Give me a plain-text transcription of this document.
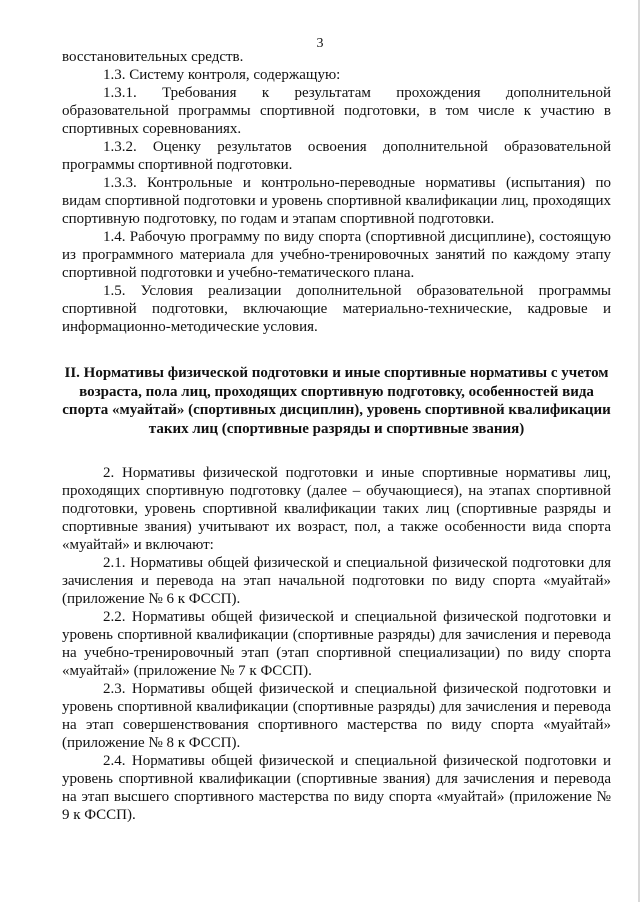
3

восстановительных средств.

1.3. Систему контроля, содержащую:

1.3.1. Требования к результатам прохождения дополнительной образовательной программы спортивной подготовки, в том числе к участию в спортивных соревнованиях.

1.3.2. Оценку результатов освоения дополнительной образовательной программы спортивной подготовки.

1.3.3. Контрольные и контрольно-переводные нормативы (испытания) по видам спортивной подготовки и уровень спортивной квалификации лиц, проходящих спортивную подготовку, по годам и этапам спортивной подготовки.

1.4. Рабочую программу по виду спорта (спортивной дисциплине), состоящую из программного материала для учебно-тренировочных занятий по каждому этапу спортивной подготовки и учебно-тематического плана.

1.5. Условия реализации дополнительной образовательной программы спортивной подготовки, включающие материально-технические, кадровые и информационно-методические условия.

II. Нормативы физической подготовки и иные спортивные нормативы с учетом возраста, пола лиц, проходящих спортивную подготовку, особенностей вида спорта «муайтай» (спортивных дисциплин), уровень спортивной квалификации таких лиц (спортивные разряды и спортивные звания)

2. Нормативы физической подготовки и иные спортивные нормативы лиц, проходящих спортивную подготовку (далее – обучающиеся), на этапах спортивной подготовки, уровень спортивной квалификации таких лиц (спортивные разряды и спортивные звания) учитывают их возраст, пол, а также особенности вида спорта «муайтай» и включают:

2.1. Нормативы общей физической и специальной физической подготовки для зачисления и перевода на этап начальной подготовки по виду спорта «муайтай» (приложение № 6 к ФССП).

2.2. Нормативы общей физической и специальной физической подготовки и уровень спортивной квалификации (спортивные разряды) для зачисления и перевода на учебно-тренировочный этап (этап спортивной специализации) по виду спорта «муайтай» (приложение № 7 к ФССП).

2.3. Нормативы общей физической и специальной физической подготовки и уровень спортивной квалификации (спортивные разряды) для зачисления и перевода на этап совершенствования спортивного мастерства по виду спорта «муайтай» (приложение № 8 к ФССП).

2.4. Нормативы общей физической и специальной физической подготовки и уровень спортивной квалификации (спортивные звания) для зачисления и перевода на этап высшего спортивного мастерства по виду спорта «муайтай» (приложение № 9 к ФССП).
